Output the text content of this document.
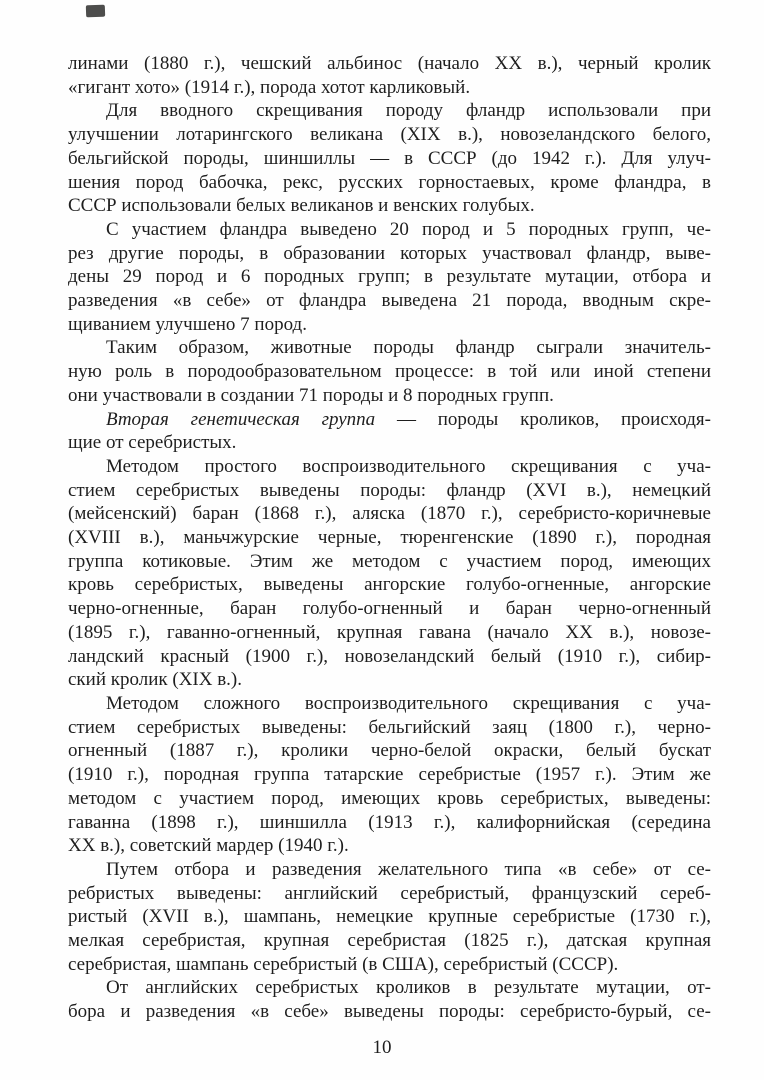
линами (1880 г.), чешский альбинос (начало XX в.), черный кролик
«гигант хото» (1914 г.), порода хотот карликовый.
Для вводного скрещивания породу фландр использовали при
улучшении лотарингского великана (XIX в.), новозеландского белого,
бельгийской породы, шиншиллы — в СССР (до 1942 г.). Для улуч-
шения пород бабочка, рекс, русских горностаевых, кроме фландра, в
СССР использовали белых великанов и венских голубых.
С участием фландра выведено 20 пород и 5 породных групп, че-
рез другие породы, в образовании которых участвовал фландр, выве-
дены 29 пород и 6 породных групп; в результате мутации, отбора и
разведения «в себе» от фландра выведена 21 порода, вводным скре-
щиванием улучшено 7 пород.
Таким образом, животные породы фландр сыграли значитель-
ную роль в породообразовательном процессе: в той или иной степени
они участвовали в создании 71 породы и 8 породных групп.
Вторая генетическая группа — породы кроликов, происходя-
щие от серебристых.
Методом простого воспроизводительного скрещивания с уча-
стием серебристых выведены породы: фландр (XVI в.), немецкий
(мейсенский) баран (1868 г.), аляска (1870 г.), серебристо-коричневые
(XVIII в.), маньчжурские черные, тюренгенские (1890 г.), породная
группа котиковые. Этим же методом с участием пород, имеющих
кровь серебристых, выведены ангорские голубо-огненные, ангорские
черно-огненные, баран голубо-огненный и баран черно-огненный
(1895 г.), гаванно-огненный, крупная гавана (начало XX в.), новозе-
ландский красный (1900 г.), новозеландский белый (1910 г.), сибир-
ский кролик (XIX в.).
Методом сложного воспроизводительного скрещивания с уча-
стием серебристых выведены: бельгийский заяц (1800 г.), черно-
огненный (1887 г.), кролики черно-белой окраски, белый бускат
(1910 г.), породная группа татарские серебристые (1957 г.). Этим же
методом с участием пород, имеющих кровь серебристых, выведены:
гаванна (1898 г.), шиншилла (1913 г.), калифорнийская (середина
XX в.), советский мардер (1940 г.).
Путем отбора и разведения желательного типа «в себе» от се-
ребристых выведены: английский серебристый, французский сереб-
ристый (XVII в.), шампань, немецкие крупные серебристые (1730 г.),
мелкая серебристая, крупная серебристая (1825 г.), датская крупная
серебристая, шампань серебристый (в США), серебристый (СССР).
От английских серебристых кроликов в результате мутации, от-
бора и разведения «в себе» выведены породы: серебристо-бурый, се-
10
